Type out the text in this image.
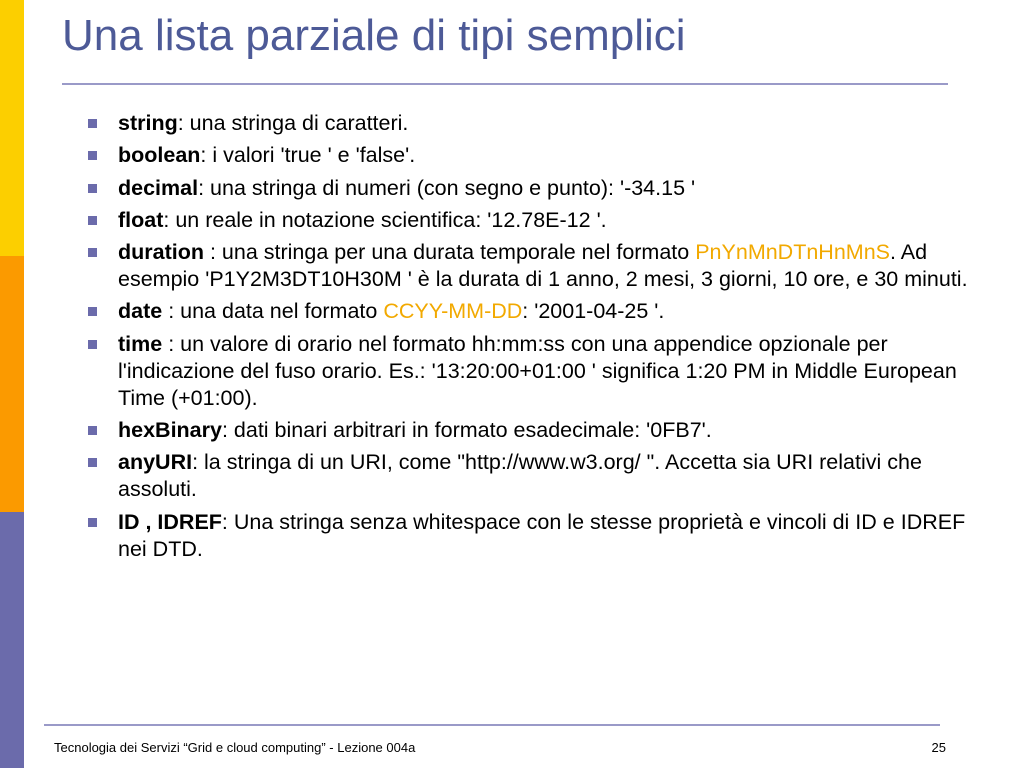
Una lista parziale di tipi semplici
string: una stringa di caratteri.
boolean: i valori 'true ' e 'false'.
decimal: una stringa di numeri (con segno e punto): '-34.15 '
float: un reale in notazione scientifica: '12.78E-12 '.
duration : una stringa per una durata temporale nel formato PnYnMnDTnHnMnS. Ad esempio 'P1Y2M3DT10H30M ' è la durata di 1 anno, 2 mesi, 3 giorni, 10 ore, e 30 minuti.
date : una data nel formato CCYY-MM-DD: '2001-04-25 '.
time : un valore di orario nel formato hh:mm:ss con una appendice opzionale per l'indicazione del fuso orario. Es.: '13:20:00+01:00 ' significa 1:20 PM in Middle European Time (+01:00).
hexBinary: dati binari arbitrari in formato esadecimale: '0FB7'.
anyURI: la stringa di un URI, come "http://www.w3.org/ ". Accetta sia URI relativi che assoluti.
ID , IDREF: Una stringa senza whitespace con le stesse proprietà e vincoli di ID e IDREF nei DTD.
Tecnologia dei Servizi “Grid e cloud computing” - Lezione 004a	25
